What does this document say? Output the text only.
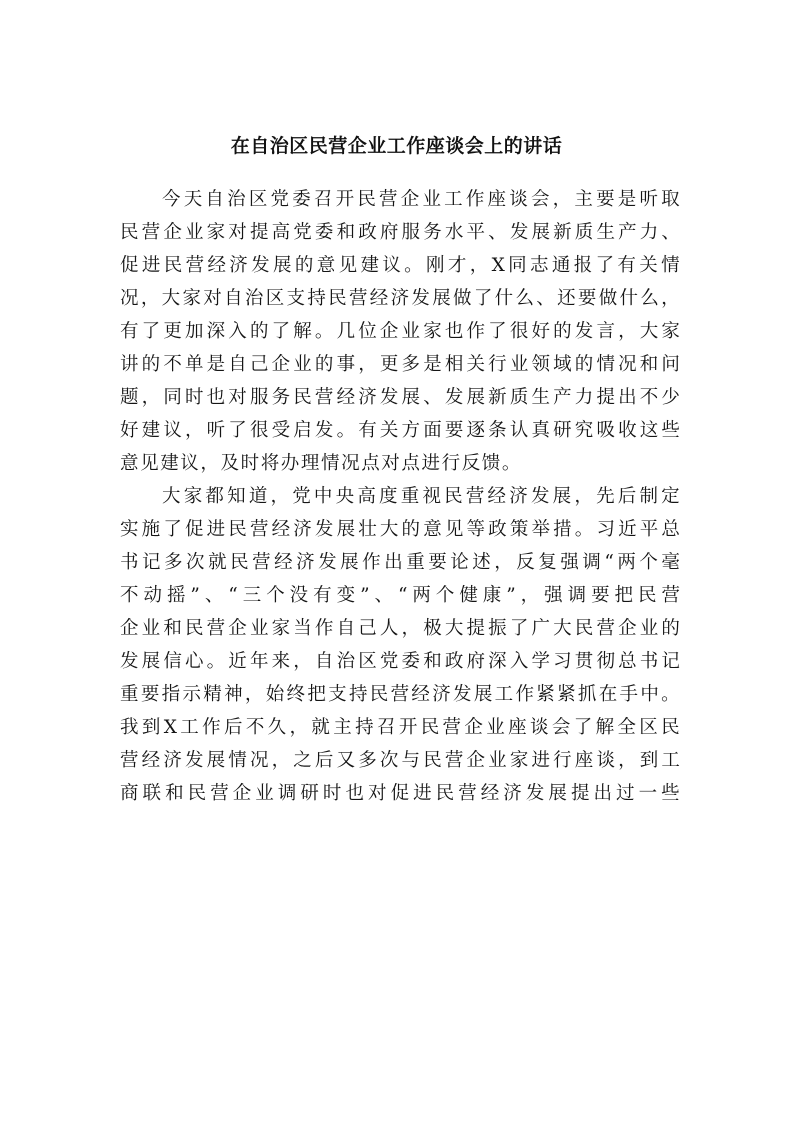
在自治区民营企业工作座谈会上的讲话
今 天 自 治 区 党 委 召 开 民 营 企 业 工 作 座 谈 会 ， 主 要 是 听 取
民 营 企 业 家 对 提 高 党 委 和 政 府 服 务 水 平 、 发 展 新 质 生 产 力 、
促 进 民 营 经 济 发 展 的 意 见 建 议 。 刚 才 ， X 同 志 通 报 了 有 关 情
况 ， 大 家 对 自 治 区 支 持 民 营 经 济 发 展 做 了 什 么 、 还 要 做 什 么 ，
有 了 更 加 深 入 的 了 解 。 几 位 企 业 家 也 作 了 很 好 的 发 言 ， 大 家
讲 的 不 单 是 自 己 企 业 的 事 ， 更 多 是 相 关 行 业 领 域 的 情 况 和 问
题 ， 同 时 也 对 服 务 民 营 经 济 发 展 、 发 展 新 质 生 产 力 提 出 不 少
好 建 议 ， 听 了 很 受 启 发 。 有 关 方 面 要 逐 条 认 真 研 究 吸 收 这 些
意见建议，及时将办理情况点对点进行反馈。
大 家 都 知 道 ， 党 中 央 高 度 重 视 民 营 经 济 发 展 ， 先 后 制 定
实 施 了 促 进 民 营 经 济 发 展 壮 大 的 意 见 等 政 策 举 措 。 习 近 平 总
书 记 多 次 就 民 营 经 济 发 展 作 出 重 要 论 述 ， 反 复 强 调 “ 两 个 毫
不 动 摇 ” 、 “ 三 个 没 有 变 ” 、 “ 两 个 健 康 ” ， 强 调 要 把 民 营
企 业 和 民 营 企 业 家 当 作 自 己 人 ， 极 大 提 振 了 广 大 民 营 企 业 的
发 展 信 心 。 近 年 来 ， 自 治 区 党 委 和 政 府 深 入 学 习 贯 彻 总 书 记
重 要 指 示 精 神 ， 始 终 把 支 持 民 营 经 济 发 展 工 作 紧 紧 抓 在 手 中 。
我 到 X 工 作 后 不 久 ， 就 主 持 召 开 民 营 企 业 座 谈 会 了 解 全 区 民
营 经 济 发 展 情 况 ， 之 后 又 多 次 与 民 营 企 业 家 进 行 座 谈 ， 到 工
商 联 和 民 营 企 业 调 研 时 也 对 促 进 民 营 经 济 发 展 提 出 过 一 些
